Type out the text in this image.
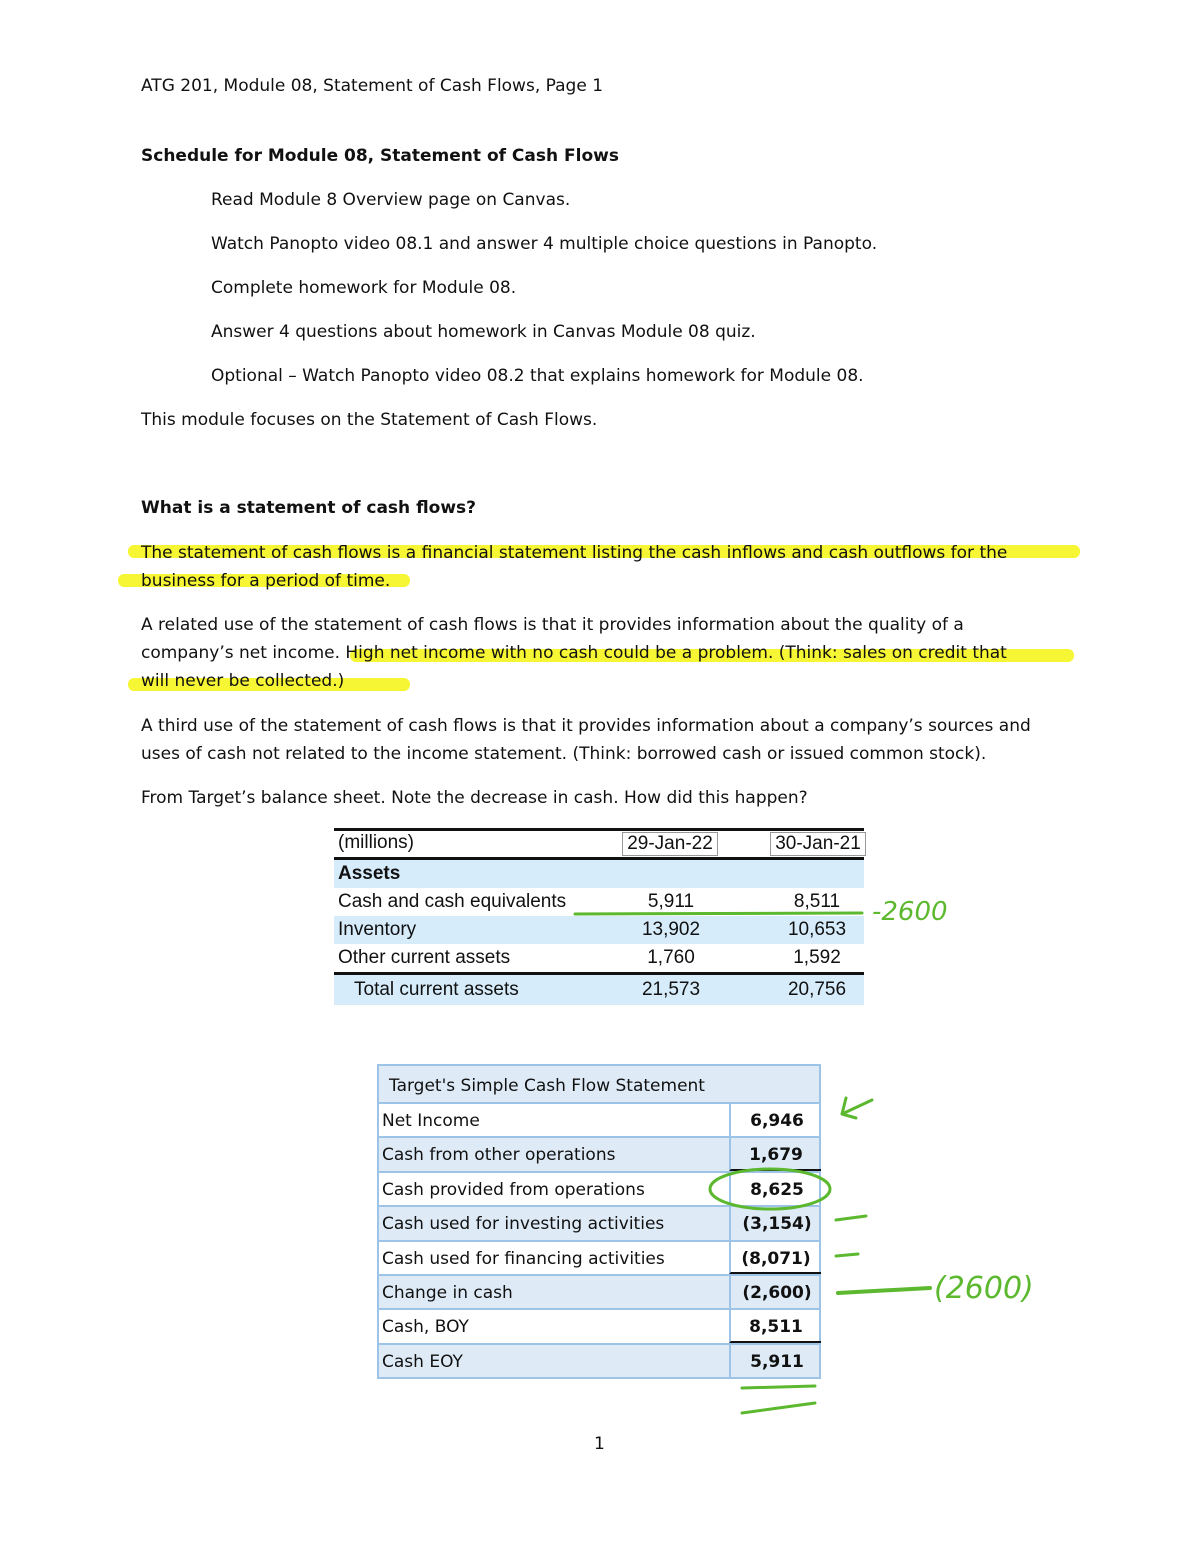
ATG 201, Module 08, Statement of Cash Flows, Page 1
Schedule for Module 08, Statement of Cash Flows
Read Module 8 Overview page on Canvas.
Watch Panopto video 08.1 and answer 4 multiple choice questions in Panopto.
Complete homework for Module 08.
Answer 4 questions about homework in Canvas Module 08 quiz.
Optional – Watch Panopto video 08.2 that explains homework for Module 08.
This module focuses on the Statement of Cash Flows.
What is a statement of cash flows?
The statement of cash flows is a financial statement listing the cash inflows and cash outflows for the
business for a period of time.
A related use of the statement of cash flows is that it provides information about the quality of a
company’s net income. High net income with no cash could be a problem. (Think: sales on credit that
will never be collected.)
A third use of the statement of cash flows is that it provides information about a company’s sources and
uses of cash not related to the income statement. (Think: borrowed cash or issued common stock).
From Target’s balance sheet. Note the decrease in cash. How did this happen?
(millions)	29-Jan-22	30-Jan-21
Assets
Cash and cash equivalents	5,911	8,511
Inventory	13,902	10,653
Other current assets	1,760	1,592
Total current assets	21,573	20,756
Target's Simple Cash Flow Statement
Net Income	6,946
Cash from other operations	1,679
Cash provided from operations	8,625
Cash used for investing activities	(3,154)
Cash used for financing activities	(8,071)
Change in cash	(2,600)
Cash, BOY	8,511
Cash EOY	5,911
-2600
(2600)
1
